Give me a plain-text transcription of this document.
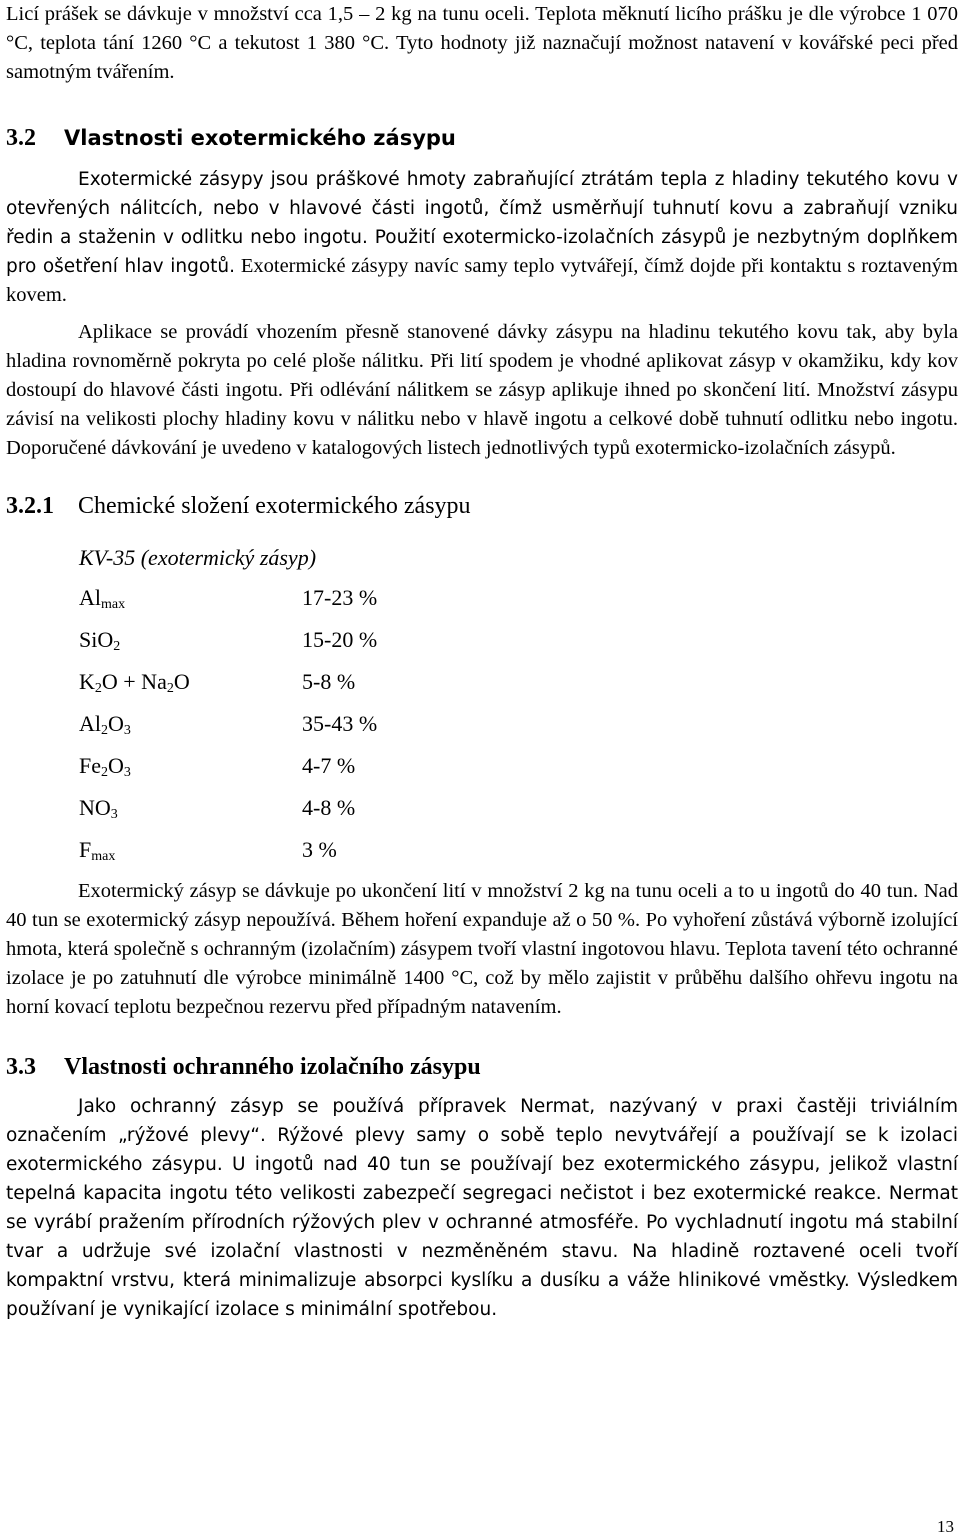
Licí prášek se dávkuje v množství cca 1,5 – 2 kg na tunu oceli. Teplota měknutí licího prášku je dle výrobce 1 070 °C, teplota tání 1260 °C a tekutost 1 380 °C. Tyto hodnoty již naznačují možnost natavení v kovářské peci před samotným tvářením.

3.2 Vlastnosti exotermického zásypu

Exotermické zásypy jsou práškové hmoty zabraňující ztrátám tepla z hladiny tekutého kovu v otevřených nálitcích, nebo v hlavové části ingotů, čímž usměrňují tuhnutí kovu a zabraňují vzniku ředin a staženin v odlitku nebo ingotu. Použití exotermicko-izolačních zásypů je nezbytným doplňkem pro ošetření hlav ingotů. Exotermické zásypy navíc samy teplo vytvářejí, čímž dojde při kontaktu s roztaveným kovem.

Aplikace se provádí vhozením přesně stanovené dávky zásypu na hladinu tekutého kovu tak, aby byla hladina rovnoměrně pokryta po celé ploše nálitku. Při lití spodem je vhodné aplikovat zásyp v okamžiku, kdy kov dostoupí do hlavové části ingotu. Při odlévání nálitkem se zásyp aplikuje ihned po skončení lití. Množství zásypu závisí na velikosti plochy hladiny kovu v nálitku nebo v hlavě ingotu a celkové době tuhnutí odlitku nebo ingotu. Doporučené dávkování je uvedeno v katalogových listech jednotlivých typů exotermicko-izolačních zásypů.

3.2.1 Chemické složení exotermického zásypu

KV-35 (exotermický zásyp)

$Al_{max}$	17-23 %
SiO$_2$	15-20 %
$K_2O + Na_2O$	5-8 %
$Al_2O_3$	35-43 %
$Fe_2O_3$	4-7 %
$NO_3$	4-8 %
$F_{max}$	3 %

Exotermický zásyp se dávkuje po ukončení lití v množství 2 kg na tunu oceli a to u ingotů do 40 tun. Nad 40 tun se exotermický zásyp nepoužívá. Během hoření expanduje až o 50 %. Po vyhoření zůstává výborně izolující hmota, která společně s ochranným (izolačním) zásypem tvoří vlastní ingotovou hlavu. Teplota tavení této ochranné izolace je po zatuhnutí dle výrobce minimálně 1400 °C, což by mělo zajistit v průběhu dalšího ohřevu ingotu na horní kovací teplotu bezpečnou rezervu před případným natavením.

3.3 Vlastnosti ochranného izolačního zásypu

Jako ochranný zásyp se používá přípravek Nermat, nazývaný v praxi častěji triviálním označením „rýžové plevy“. Rýžové plevy samy o sobě teplo nevytvářejí a používají se k izolaci exotermického zásypu. U ingotů nad 40 tun se používají bez exotermického zásypu, jelikož vlastní tepelná kapacita ingotu této velikosti zabezpečí segregaci nečistot i bez exotermické reakce. Nermat se vyrábí pražením přírodních rýžových plev v ochranné atmosféře. Po vychladnutí ingotu má stabilní tvar a udržuje své izolační vlastnosti v nezměněném stavu. Na hladině roztavené oceli tvoří kompaktní vrstvu, která minimalizuje absorpci kyslíku a dusíku a váže hlinikové vměstky. Výsledkem používaní je vynikající izolace s minimální spotřebou.

13
